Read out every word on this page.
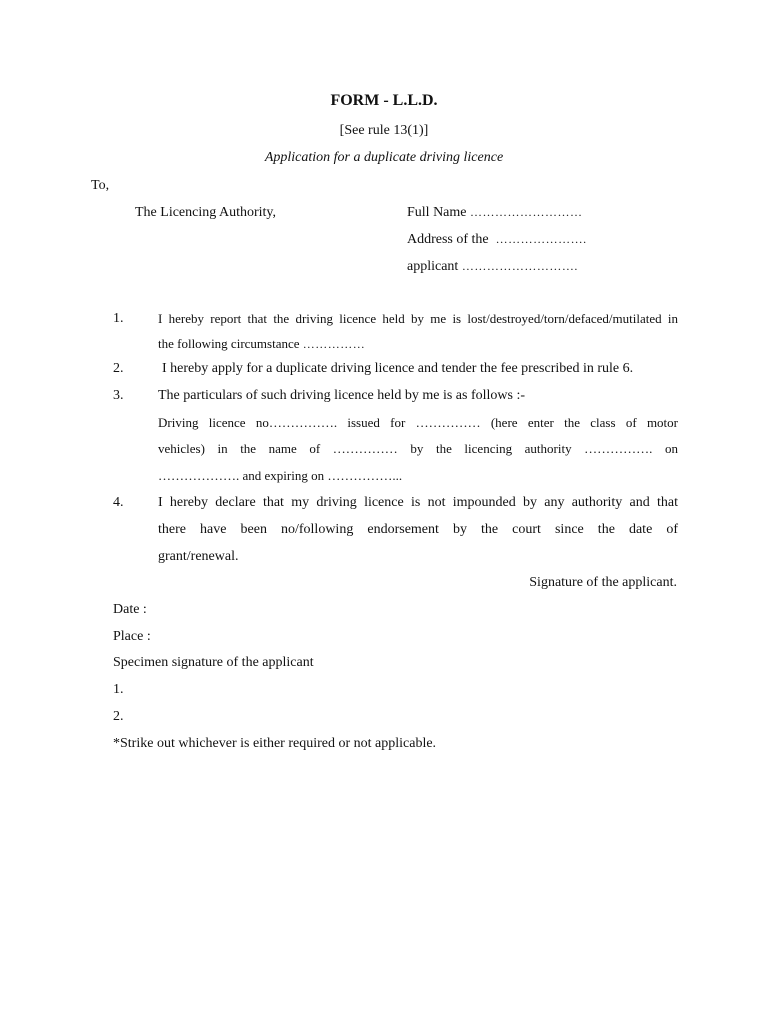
FORM - L.L.D.
[See rule 13(1)]
Application for a duplicate driving licence
To,
The Licencing Authority,	Full Name ………………………
Address of the ………………….
applicant ……………………….
1.	I hereby report that the driving licence held by me is lost/destroyed/torn/defaced/mutilated in
the following circumstance ……………
2.	I hereby apply for a duplicate driving licence and tender the fee prescribed in rule 6.
3. The particulars of such driving licence held by me is as follows :-
Driving licence no……………. issued for …………… (here enter the class of motor
vehicles) in the name of …………… by the licencing authority ……………. on
………………. and expiring on ……………...
4. I hereby declare that my driving licence is not impounded by any authority and that
there have been no/following endorsement by the court since the date of
grant/renewal.
Signature of the applicant.
Date :
Place :
Specimen signature of the applicant
1.
2.
*Strike out whichever is either required or not applicable.
